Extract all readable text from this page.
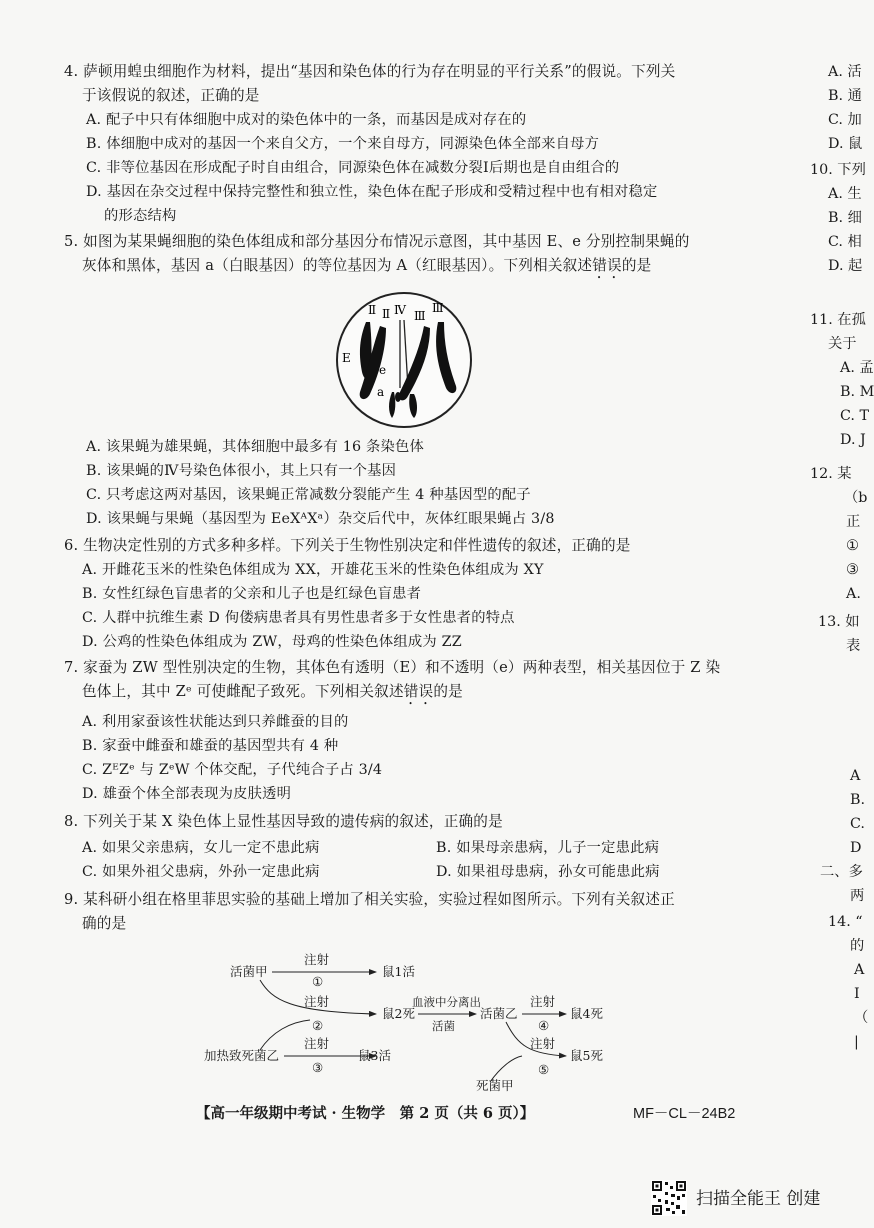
4. 萨顿用蝗虫细胞作为材料，提出“基因和染色体的行为存在明显的平行关系”的假说。下列关
于该假说的叙述，正确的是
A. 配子中只有体细胞中成对的染色体中的一条，而基因是成对存在的
B. 体细胞中成对的基因一个来自父方，一个来自母方，同源染色体全部来自母方
C. 非等位基因在形成配子时自由组合，同源染色体在减数分裂Ⅰ后期也是自由组合的
D. 基因在杂交过程中保持完整性和独立性，染色体在配子形成和受精过程中也有相对稳定
的形态结构
5. 如图为某果蝇细胞的染色体组成和部分基因分布情况示意图，其中基因 E、e 分别控制果蝇的
灰体和黑体，基因 a（白眼基因）的等位基因为 A（红眼基因）。下列相关叙述错误的是
Ⅱ Ⅱ Ⅳ Ⅲ
Ⅲ
E
e
a
A. 该果蝇为雄果蝇，其体细胞中最多有 16 条染色体
B. 该果蝇的Ⅳ号染色体很小，其上只有一个基因
C. 只考虑这两对基因，该果蝇正常减数分裂能产生 4 种基因型的配子
D. 该果蝇与果蝇（基因型为 EeXᴬXᵃ）杂交后代中，灰体红眼果蝇占 3/8
6. 生物决定性别的方式多种多样。下列关于生物性别决定和伴性遗传的叙述，正确的是
A. 开雌花玉米的性染色体组成为 XX，开雄花玉米的性染色体组成为 XY
B. 女性红绿色盲患者的父亲和儿子也是红绿色盲患者
C. 人群中抗维生素 D 佝偻病患者具有男性患者多于女性患者的特点
D. 公鸡的性染色体组成为 ZW，母鸡的性染色体组成为 ZZ
7. 家蚕为 ZW 型性别决定的生物，其体色有透明（E）和不透明（e）两种表型，相关基因位于 Z 染
色体上，其中 Zᵉ 可使雌配子致死。下列相关叙述错误的是
A. 利用家蚕该性状能达到只养雌蚕的目的
B. 家蚕中雌蚕和雄蚕的基因型共有 4 种
C. ZᴱZᵉ 与 ZᵉW 个体交配，子代纯合子占 3/4
D. 雄蚕个体全部表现为皮肤透明
8. 下列关于某 X 染色体上显性基因导致的遗传病的叙述，正确的是
A. 如果父亲患病，女儿一定不患此病	B. 如果母亲患病，儿子一定患此病
C. 如果外祖父患病，外孙一定患此病	D. 如果祖母患病，孙女可能患此病
9. 某科研小组在格里菲思实验的基础上增加了相关实验，实验过程如图所示。下列有关叙述正
确的是
活菌甲
注射
①
鼠1活
注射
②
鼠2死
加热致死菌乙
注射
③
鼠3活
血液中分离出
活菌
活菌乙
注射
④
鼠4死
注射
⑤
鼠5死
死菌甲
【高一年级期中考试 · 生物学　第 2 页（共 6 页）】	MF－CL－24B2
A. 活
B. 通
C. 加
D. 鼠
10. 下列
A. 生
B. 细
C. 相
D. 起
11. 在孤
关于
A. 孟
B. M
C. T
D. J
12. 某
（b
正
①
③
A.
13. 如
表
A
B.
C.
D
二、多
两
14. “
的
A
I
（
|
扫描全能王 创建
